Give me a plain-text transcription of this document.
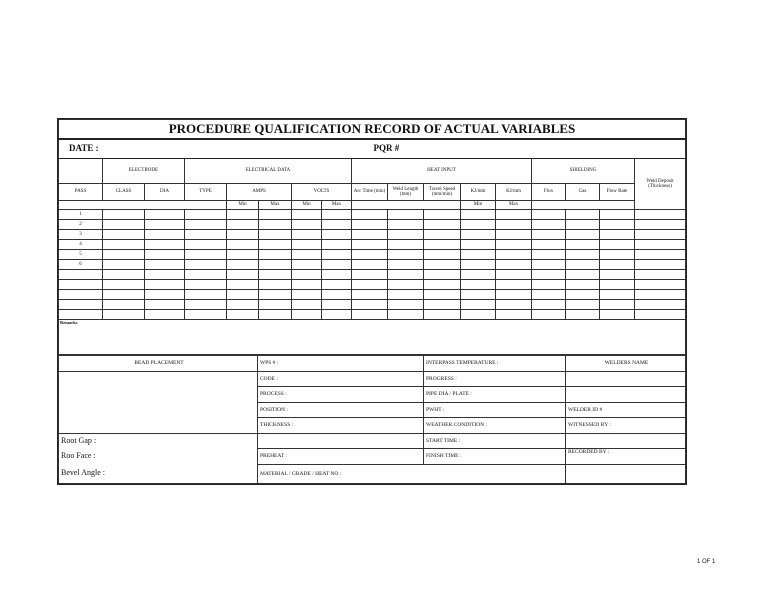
PROCEDURE QUALIFICATION RECORD OF ACTUAL VARIABLES																
DATE :				PQR #												
	ELECTRODE		ELECTRICAL DATA					HEAT INPUT					SHIELDING			Weld Deposit (Thickness)
PASS	CLASS	DIA	TYPE	AMPS		VOLTS		Arc Time (min)	Weld Length (mm)	Travel Speed (mm/min)	KJ/mm	KJ/mm	Flux	Gas	Flow Rate	
				Min	Max	Min	Max				Min	Max				
1																
2																
3																
4																
5																
6																

Remarks																
BEAD PLACEMENT	WPS # :	INTERPASS TEMPERATURE :	WELDERS NAME
	CODE :	PROGRESS :	
	PROCESS :	PIPE DIA / PLATE :	
	POSITION :	PWHT :	WELDER ID #
	THICKNESS :	WEATHER CONDITION :	WITNESSED BY :
Root Gap :		START TIME :	
Roo Face :	PREHEAT :	FINISH TIME :	RECORDED BY :
Bevel Angle :	MATERIAL / GRADE / HEAT NO :		
1 OF 1
